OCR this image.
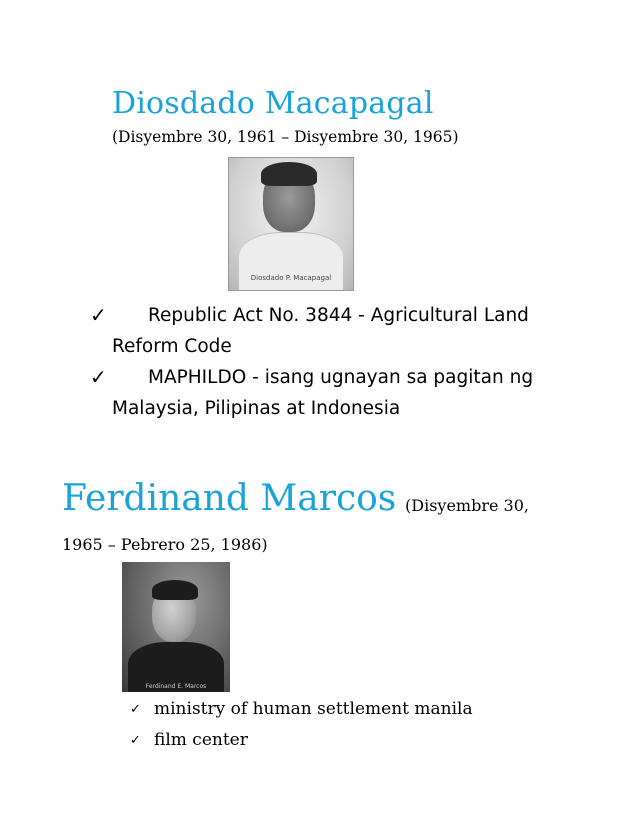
Diosdado Macapagal
(Disyembre 30, 1961 – Disyembre 30, 1965)
Diosdado P. Macapagal
✓ Republic Act No. 3844 - Agricultural Land Reform Code
✓ MAPHILDO - isang ugnayan sa pagitan ng Malaysia, Pilipinas at Indonesia
Ferdinand Marcos (Disyembre 30,
1965 – Pebrero 25, 1986)
Ferdinand E. Marcos
✓ ministry of human settlement manila
✓ film center
